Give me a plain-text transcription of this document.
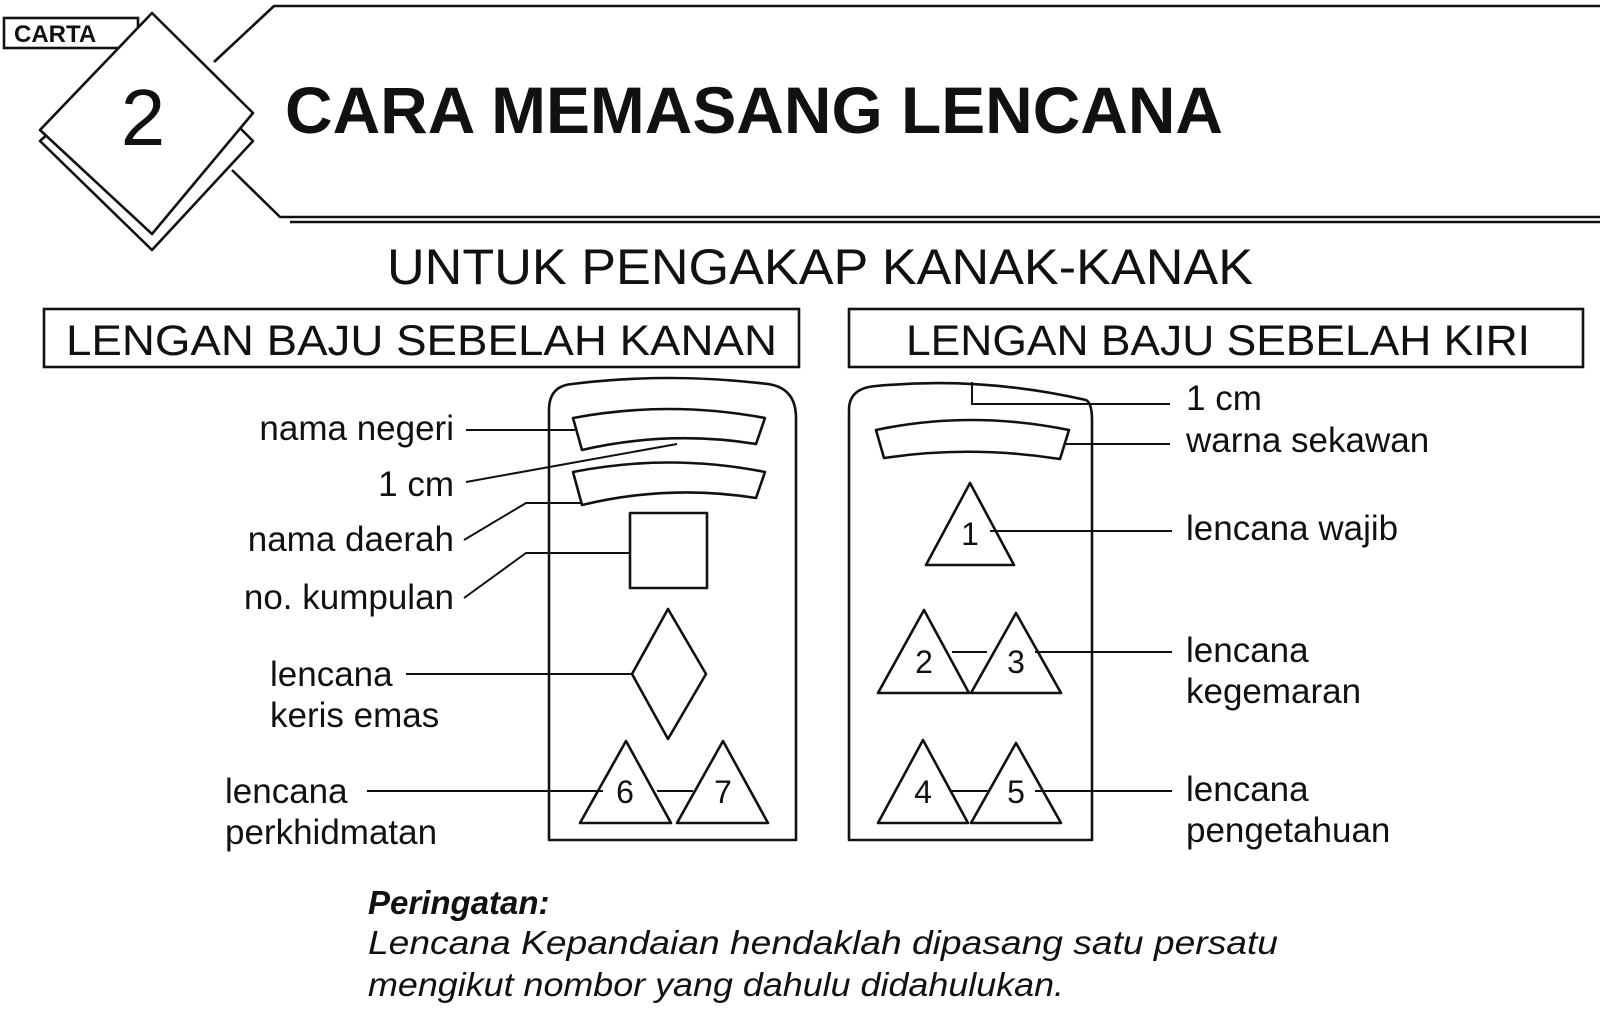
CARTA
2 CARA MEMASANG LENCANA
UNTUK PENGAKAP KANAK-KANAK
LENGAN BAJU SEBELAH KANAN	LENGAN BAJU SEBELAH KIRI
6	7
nama negeri
1 cm
nama daerah
no. kumpulan
lencana
keris emas
lencana
perkhidmatan
1
2 3
4 5
1 cm
warna sekawan
lencana wajib
lencana
kegemaran
lencana
pengetahuan
Peringatan:
Lencana Kepandaian hendaklah dipasang satu persatu
mengikut nombor yang dahulu didahulukan.
